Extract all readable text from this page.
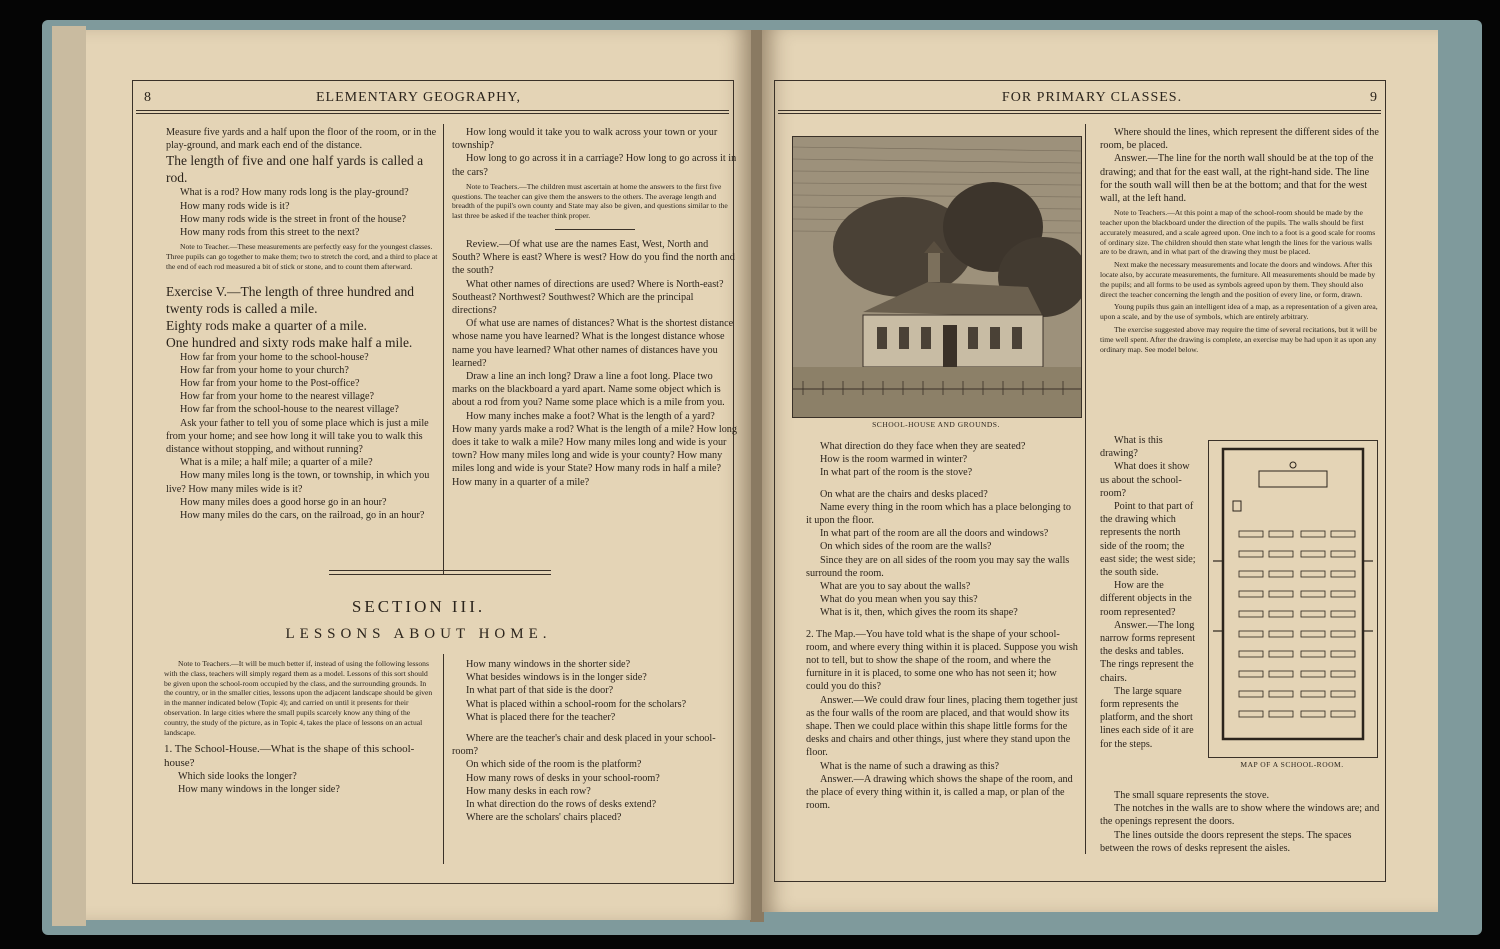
8	ELEMENTARY GEOGRAPHY,

Measure five yards and a half upon the floor of the room, or in the play-ground, and mark each end of the distance.

The length of five and one half yards is called a rod.

What is a rod? How many rods long is the play-ground?

How many rods wide is it?

How many rods wide is the street in front of the house?

How many rods from this street to the next?

Note to Teacher.—These measurements are perfectly easy for the youngest classes. Three pupils can go together to make them; two to stretch the cord, and a third to place at the end of each rod measured a bit of stick or stone, and to count them afterward.

Exercise V.—The length of three hundred and twenty rods is called a mile.

Eighty rods make a quarter of a mile.

One hundred and sixty rods make half a mile.

How far from your home to the school-house?

How far from your home to your church?

How far from your home to the Post-office?

How far from your home to the nearest village?

How far from the school-house to the nearest village?

Ask your father to tell you of some place which is just a mile from your home; and see how long it will take you to walk this distance without stopping, and without running?

What is a mile; a half mile; a quarter of a mile?

How many miles long is the town, or township, in which you live? How many miles wide is it?

How many miles does a good horse go in an hour?

How many miles do the cars, on the railroad, go in an hour?

How long would it take you to walk across your town or your township?

How long to go across it in a carriage? How long to go across it in the cars?

Note to Teachers.—The children must ascertain at home the answers to the first five questions. The teacher can give them the answers to the others. The average length and breadth of the pupil's own county and State may also be given, and questions similar to the last three be asked if the teacher think proper.

Review.—Of what use are the names East, West, North and South? Where is east? Where is west? How do you find the north and the south?

What other names of directions are used? Where is North-east? Southeast? Northwest? Southwest? Which are the principal directions?

Of what use are names of distances? What is the shortest distance whose name you have learned? What is the longest distance whose name you have learned? What other names of distances have you learned?

Draw a line an inch long? Draw a line a foot long. Place two marks on the blackboard a yard apart. Name some object which is about a rod from you? Name some place which is a mile from you.

How many inches make a foot? What is the length of a yard? How many yards make a rod? What is the length of a mile? How long does it take to walk a mile? How many miles long and wide is your town? How many miles long and wide is your county? How many miles long and wide is your State? How many rods in half a mile? How many in a quarter of a mile?

SECTION III.
LESSONS ABOUT HOME.

Note to Teachers.—It will be much better if, instead of using the following lessons with the class, teachers will simply regard them as a model. Lessons of this sort should be given upon the school-room occupied by the class, and the surrounding grounds. In the country, or in the smaller cities, lessons upon the adjacent landscape should be given in the manner indicated below (Topic 4); and carried on until it presents for their observation. In large cities where the small pupils scarcely know any thing of the country, the study of the picture, as in Topic 4, takes the place of lessons on an actual landscape.

1. The School-House.—What is the shape of this school-house?

Which side looks the longer?

How many windows in the longer side?

How many windows in the shorter side?

What besides windows is in the longer side?

In what part of that side is the door?

What is placed within a school-room for the scholars?

What is placed there for the teacher?

Where are the teacher's chair and desk placed in your school-room?

On which side of the room is the platform?

How many rows of desks in your school-room?

How many desks in each row?

In what direction do the rows of desks extend?

Where are the scholars' chairs placed?

FOR PRIMARY CLASSES.	9
SCHOOL-HOUSE AND GROUNDS.

What direction do they face when they are seated?

How is the room warmed in winter?

In what part of the room is the stove?

On what are the chairs and desks placed?

Name every thing in the room which has a place belonging to it upon the floor.

In what part of the room are all the doors and windows?

On which sides of the room are the walls?

Since they are on all sides of the room you may say the walls surround the room.

What are you to say about the walls?

What do you mean when you say this?

What is it, then, which gives the room its shape?

2. The Map.—You have told what is the shape of your school-room, and where every thing within it is placed. Suppose you wish not to tell, but to show the shape of the room, and where the furniture in it is placed, to some one who has not seen it; how could you do this?

Answer.—We could draw four lines, placing them together just as the four walls of the room are placed, and that would show its shape. Then we could place within this shape little forms for the desks and chairs and other things, just where they stand upon the floor.

What is the name of such a drawing as this?

Answer.—A drawing which shows the shape of the room, and the place of every thing within it, is called a map, or plan of the room.

Where should the lines, which represent the different sides of the room, be placed.

Answer.—The line for the north wall should be at the top of the drawing; and that for the east wall, at the right-hand side. The line for the south wall will then be at the bottom; and that for the west wall, at the left hand.

Note to Teachers.—At this point a map of the school-room should be made by the teacher upon the blackboard under the direction of the pupils. The walls should be first accurately measured, and a scale agreed upon. One inch to a foot is a good scale for rooms of ordinary size. The children should then state what length the lines for the various walls are to be drawn, and in what part of the drawing they must be placed.

Next make the necessary measurements and locate the doors and windows. After this locate also, by accurate measurements, the furniture. All measurements should be made by the pupils; and all forms to be used as symbols agreed upon by them. They should also direct the teacher concerning the length and the position of every line, or form, drawn.

Young pupils thus gain an intelligent idea of a map, as a representation of a given area, upon a scale, and by the use of symbols, which are entirely arbitrary.

The exercise suggested above may require the time of several recitations, but it will be time well spent. After the drawing is complete, an exercise may be had upon it as upon any ordinary map. See model below.

What is this drawing?

What does it show us about the school-room?

Point to that part of the drawing which represents the north side of the room; the east side; the west side; the south side.

How are the different objects in the room represented?

Answer.—The long narrow forms represent the desks and tables. The rings represent the chairs.

The large square form represents the platform, and the short lines each side of it are for the steps.

MAP OF A SCHOOL-ROOM.

The small square represents the stove.

The notches in the walls are to show where the windows are; and the openings represent the doors.

The lines outside the doors represent the steps. The spaces between the rows of desks represent the aisles.
